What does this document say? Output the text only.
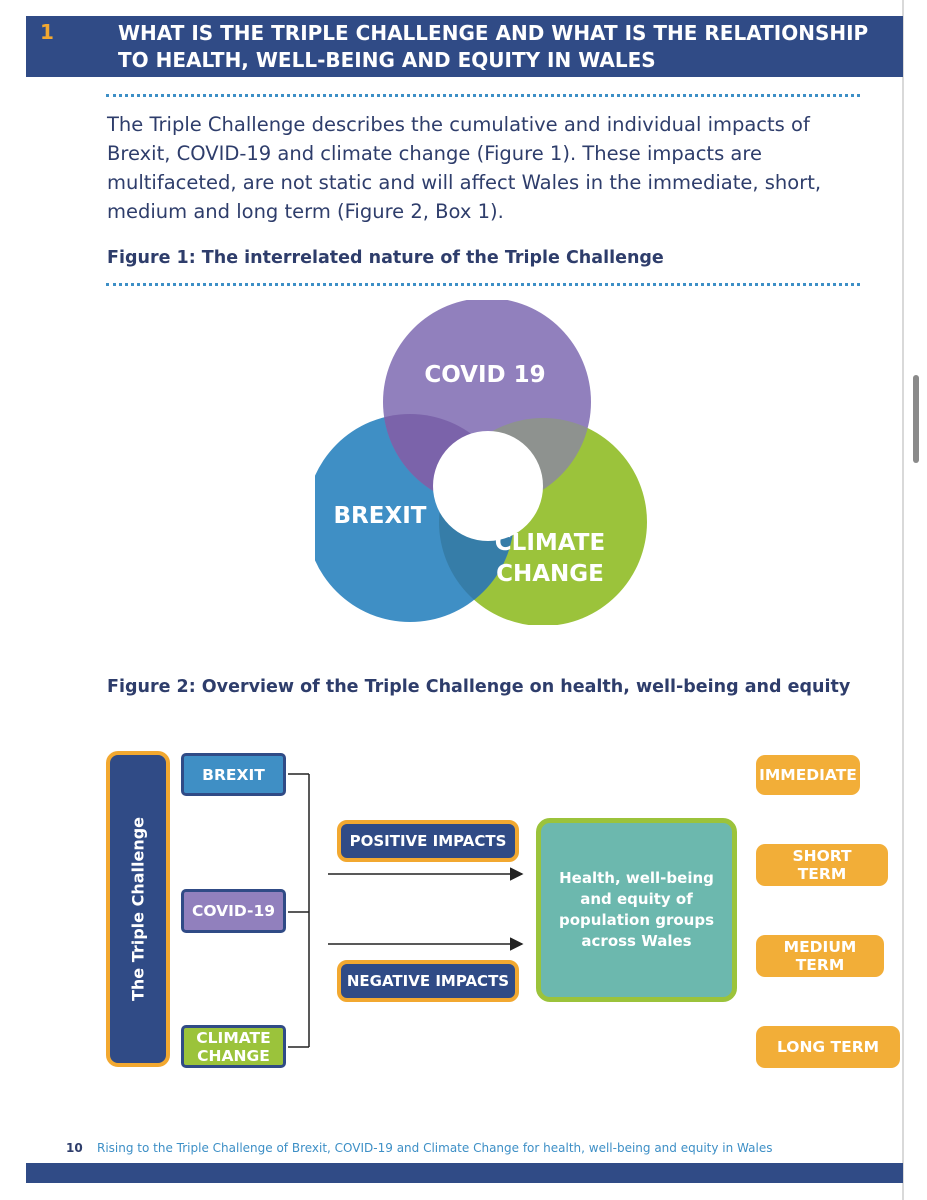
1	WHAT IS THE TRIPLE CHALLENGE AND WHAT IS THE RELATIONSHIP TO HEALTH, WELL-BEING AND EQUITY IN WALES
The Triple Challenge describes the cumulative and individual impacts of Brexit, COVID-19 and climate change (Figure 1). These impacts are multifaceted, are not static and will affect Wales in the immediate, short, medium and long term (Figure 2, Box 1).
Figure 1: The interrelated nature of the Triple Challenge
COVID 19
BREXIT
CLIMATE
CHANGE
Figure 2: Overview of the Triple Challenge on health, well-being and equity
The Triple Challenge
BREXIT
COVID-19
CLIMATE CHANGE
POSITIVE IMPACTS
NEGATIVE IMPACTS
Health, well-being and equity of population groups across Wales
IMMEDIATE
SHORT TERM
MEDIUM TERM
LONG TERM
10 Rising to the Triple Challenge of Brexit, COVID-19 and Climate Change for health, well-being and equity in Wales
